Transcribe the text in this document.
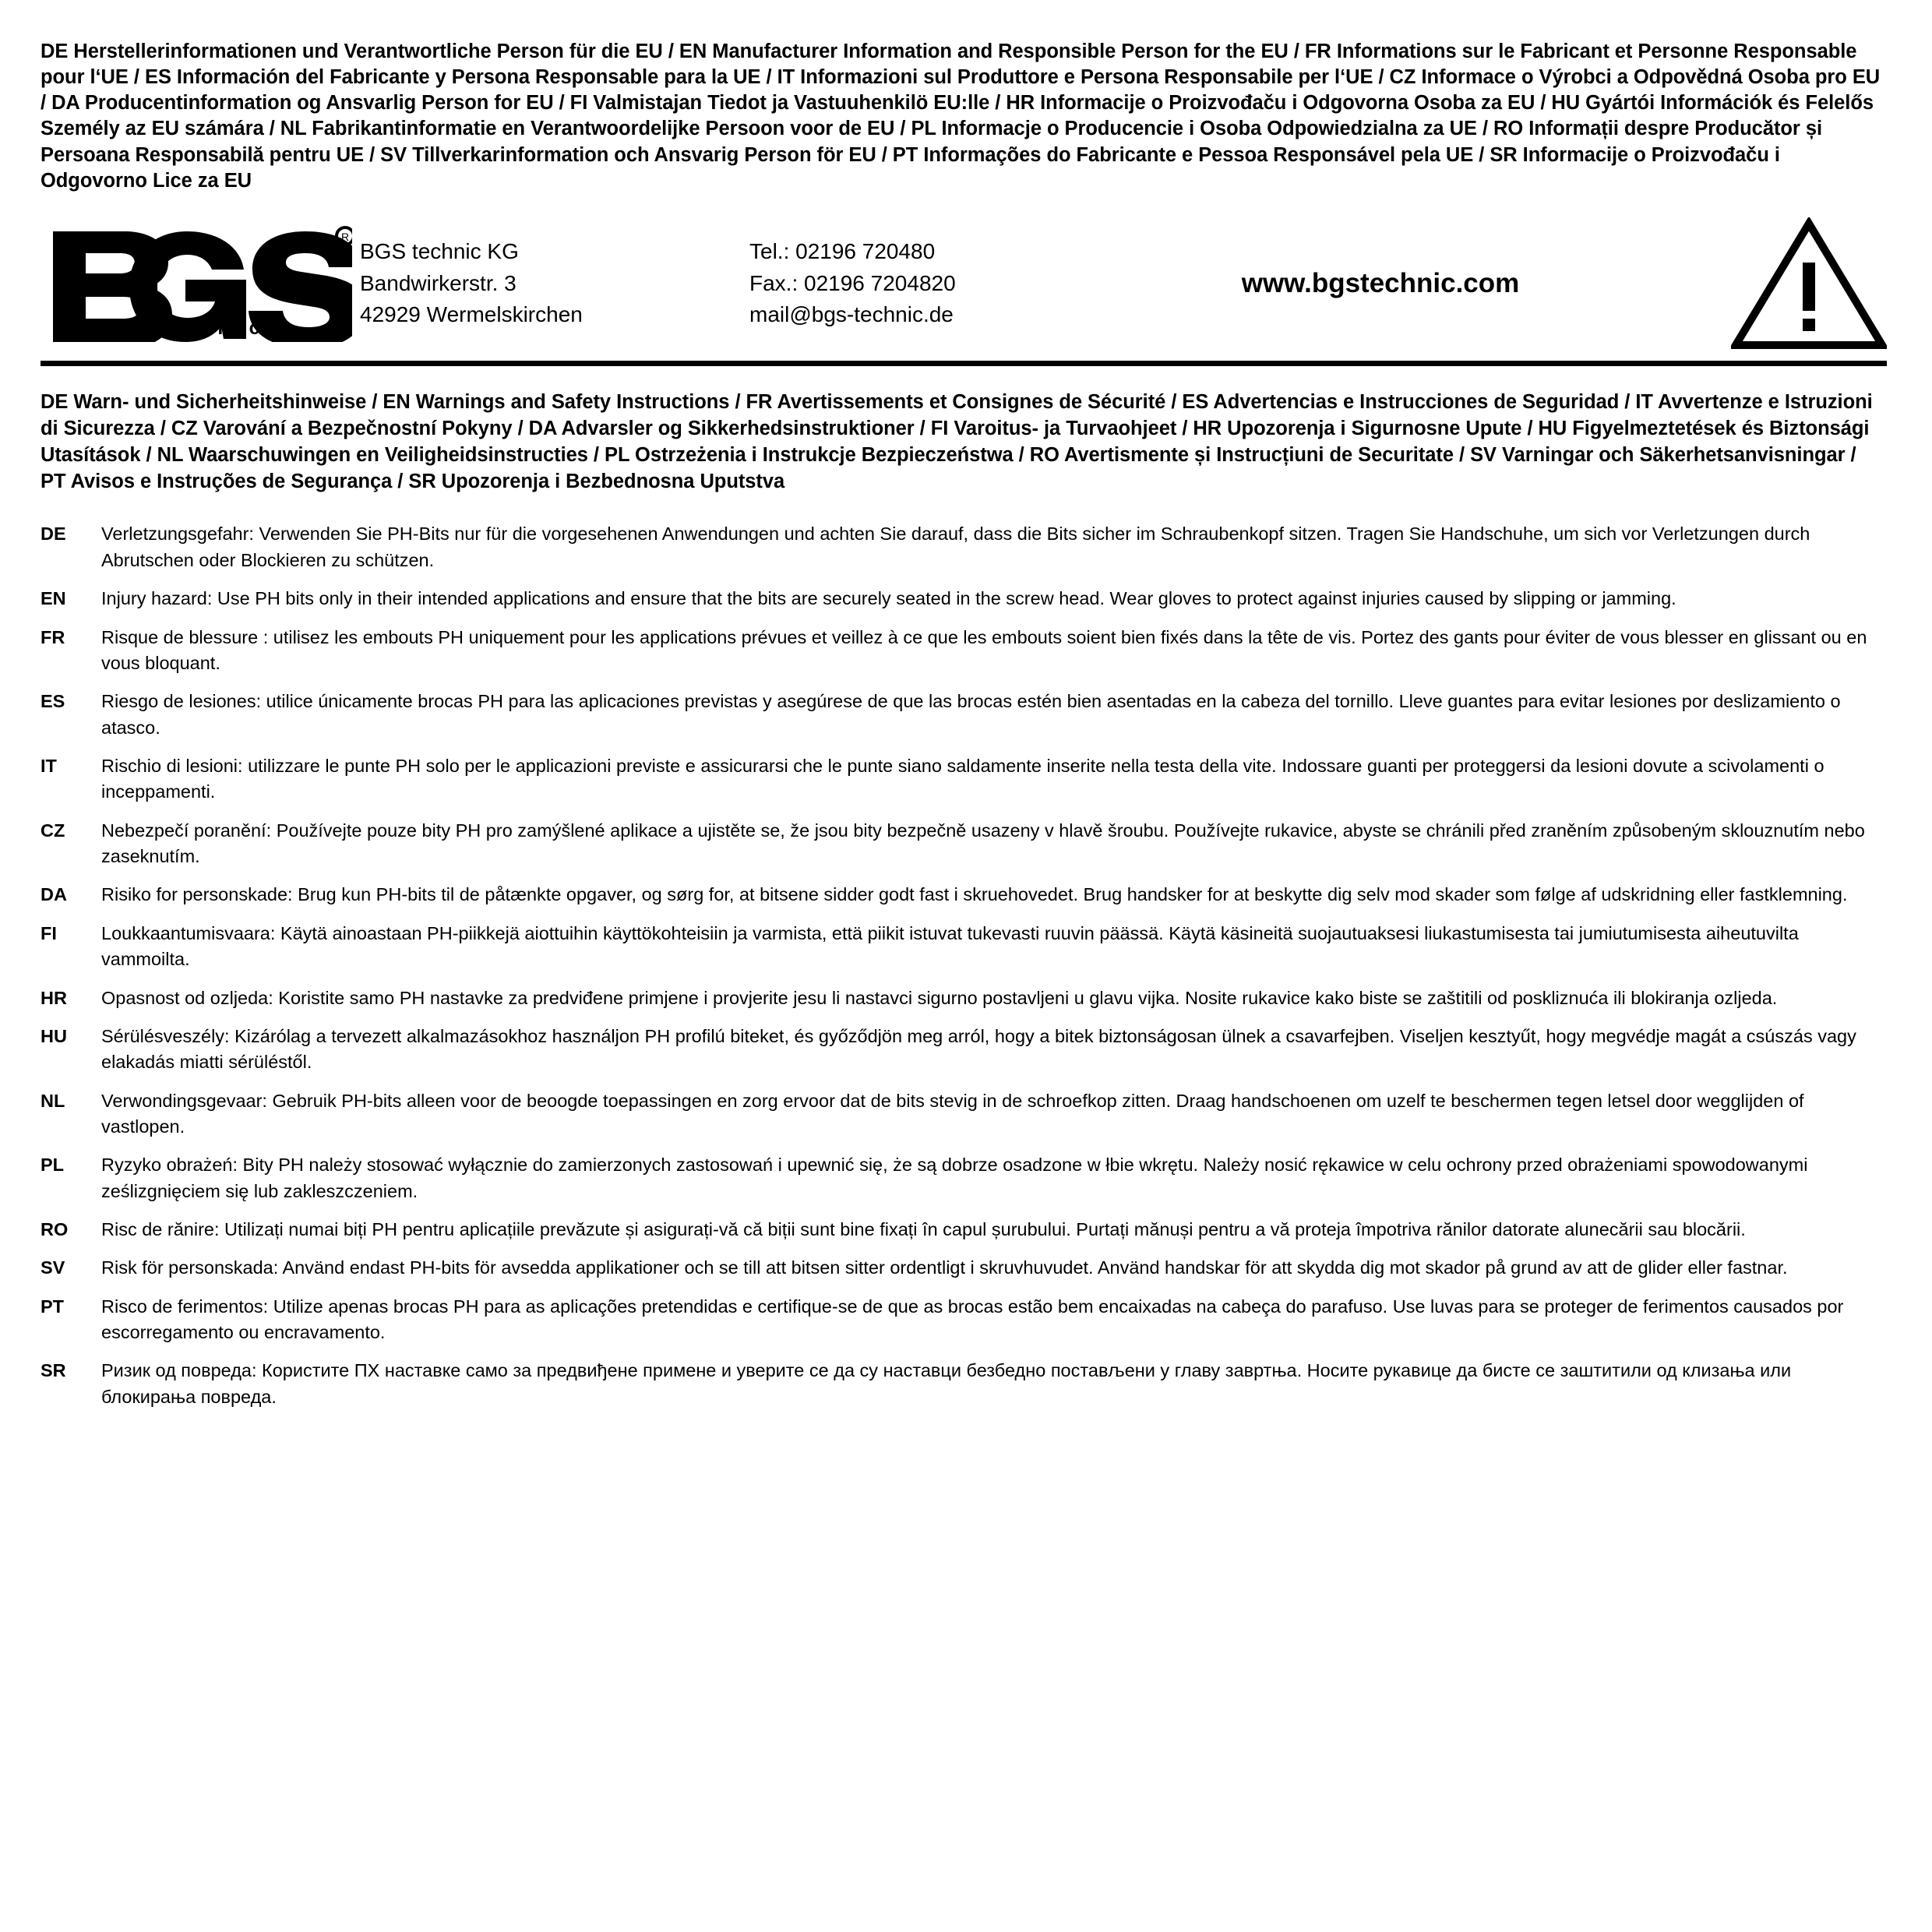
DE Herstellerinformationen und Verantwortliche Person für die EU / EN Manufacturer Information and Responsible Person for the EU / FR Informations sur le Fabricant et Personne Responsable pour l‘UE / ES Información del Fabricante y Persona Responsable para la UE / IT Informazioni sul Produttore e Persona Responsabile per l‘UE / CZ Informace o Výrobci a Odpovědná Osoba pro EU / DA Producentinformation og Ansvarlig Person for EU / FI Valmistajan Tiedot ja Vastuuhenkilö EU:lle / HR Informacije o Proizvođaču i Odgovorna Osoba za EU / HU Gyártói Információk és Felelős Személy az EU számára / NL Fabrikantinformatie en Verantwoordelijke Persoon voor de EU / PL Informacje o Producencie i Osoba Odpowiedzialna za UE / RO Informații despre Producător și Persoana Responsabilă pentru UE / SV Tillverkarinformation och Ansvarig Person för EU / PT Informações do Fabricante e Pessoa Responsável pela UE / SR Informacije o Proizvođaču i Odgovorno Lice za EU
R
technic
BGS technic KG
Bandwirkerstr. 3
42929 Wermelskirchen
Tel.: 02196 720480
Fax.: 02196 7204820
mail@bgs-technic.de
www.bgstechnic.com
DE Warn- und Sicherheitshinweise / EN Warnings and Safety Instructions / FR Avertissements et Consignes de Sécurité / ES Advertencias e Instrucciones de Seguridad / IT Avvertenze e Istruzioni di Sicurezza / CZ Varování a Bezpečnostní Pokyny / DA Advarsler og Sikkerhedsinstruktioner / FI Varoitus- ja Turvaohjeet / HR Upozorenja i Sigurnosne Upute / HU Figyelmeztetések és Biztonsági Utasítások / NL Waarschuwingen en Veiligheidsinstructies / PL Ostrzeżenia i Instrukcje Bezpieczeństwa / RO Avertismente și Instrucțiuni de Securitate / SV Varningar och Säkerhetsanvisningar / PT Avisos e Instruções de Segurança / SR Upozorenja i Bezbednosna Uputstva
DE	Verletzungsgefahr: Verwenden Sie PH-Bits nur für die vorgesehenen Anwendungen und achten Sie darauf, dass die Bits sicher im Schraubenkopf sitzen. Tragen Sie Handschuhe, um sich vor Verletzungen durch Abrutschen oder Blockieren zu schützen.
EN	Injury hazard: Use PH bits only in their intended applications and ensure that the bits are securely seated in the screw head. Wear gloves to protect against injuries caused by slipping or jamming.
FR	Risque de blessure : utilisez les embouts PH uniquement pour les applications prévues et veillez à ce que les embouts soient bien fixés dans la tête de vis. Portez des gants pour éviter de vous blesser en glissant ou en vous bloquant.
ES	Riesgo de lesiones: utilice únicamente brocas PH para las aplicaciones previstas y asegúrese de que las brocas estén bien asentadas en la cabeza del tornillo. Lleve guantes para evitar lesiones por deslizamiento o atasco.
IT	Rischio di lesioni: utilizzare le punte PH solo per le applicazioni previste e assicurarsi che le punte siano saldamente inserite nella testa della vite. Indossare guanti per proteggersi da lesioni dovute a scivolamenti o inceppamenti.
CZ	Nebezpečí poranění: Používejte pouze bity PH pro zamýšlené aplikace a ujistěte se, že jsou bity bezpečně usazeny v hlavě šroubu. Používejte rukavice, abyste se chránili před zraněním způsobeným sklouznutím nebo zaseknutím.
DA	Risiko for personskade: Brug kun PH-bits til de påtænkte opgaver, og sørg for, at bitsene sidder godt fast i skruehovedet. Brug handsker for at beskytte dig selv mod skader som følge af udskridning eller fastklemning.
FI	Loukkaantumisvaara: Käytä ainoastaan PH-piikkejä aiottuihin käyttökohteisiin ja varmista, että piikit istuvat tukevasti ruuvin päässä. Käytä käsineitä suojautuaksesi liukastumisesta tai jumiutumisesta aiheutuvilta vammoilta.
HR	Opasnost od ozljeda: Koristite samo PH nastavke za predviđene primjene i provjerite jesu li nastavci sigurno postavljeni u glavu vijka. Nosite rukavice kako biste se zaštitili od poskliznuća ili blokiranja ozljeda.
HU	Sérülésveszély: Kizárólag a tervezett alkalmazásokhoz használjon PH profilú biteket, és győződjön meg arról, hogy a bitek biztonságosan ülnek a csavarfejben. Viseljen kesztyűt, hogy megvédje magát a csúszás vagy elakadás miatti sérüléstől.
NL	Verwondingsgevaar: Gebruik PH-bits alleen voor de beoogde toepassingen en zorg ervoor dat de bits stevig in de schroefkop zitten. Draag handschoenen om uzelf te beschermen tegen letsel door wegglijden of vastlopen.
PL	Ryzyko obrażeń: Bity PH należy stosować wyłącznie do zamierzonych zastosowań i upewnić się, że są dobrze osadzone w łbie wkrętu. Należy nosić rękawice w celu ochrony przed obrażeniami spowodowanymi ześlizgnięciem się lub zakleszczeniem.
RO	Risc de rănire: Utilizați numai biți PH pentru aplicațiile prevăzute și asigurați-vă că biții sunt bine fixați în capul șurubului. Purtați mănuși pentru a vă proteja împotriva rănilor datorate alunecării sau blocării.
SV	Risk för personskada: Använd endast PH-bits för avsedda applikationer och se till att bitsen sitter ordentligt i skruvhuvudet. Använd handskar för att skydda dig mot skador på grund av att de glider eller fastnar.
PT	Risco de ferimentos: Utilize apenas brocas PH para as aplicações pretendidas e certifique-se de que as brocas estão bem encaixadas na cabeça do parafuso. Use luvas para se proteger de ferimentos causados por escorregamento ou encravamento.
SR	Ризик од повреда: Користите ПХ наставке само за предвиђене примене и уверите се да су наставци безбедно постављени у главу завртња. Носите рукавице да бисте се заштитили од клизања или блокирања повреда.
